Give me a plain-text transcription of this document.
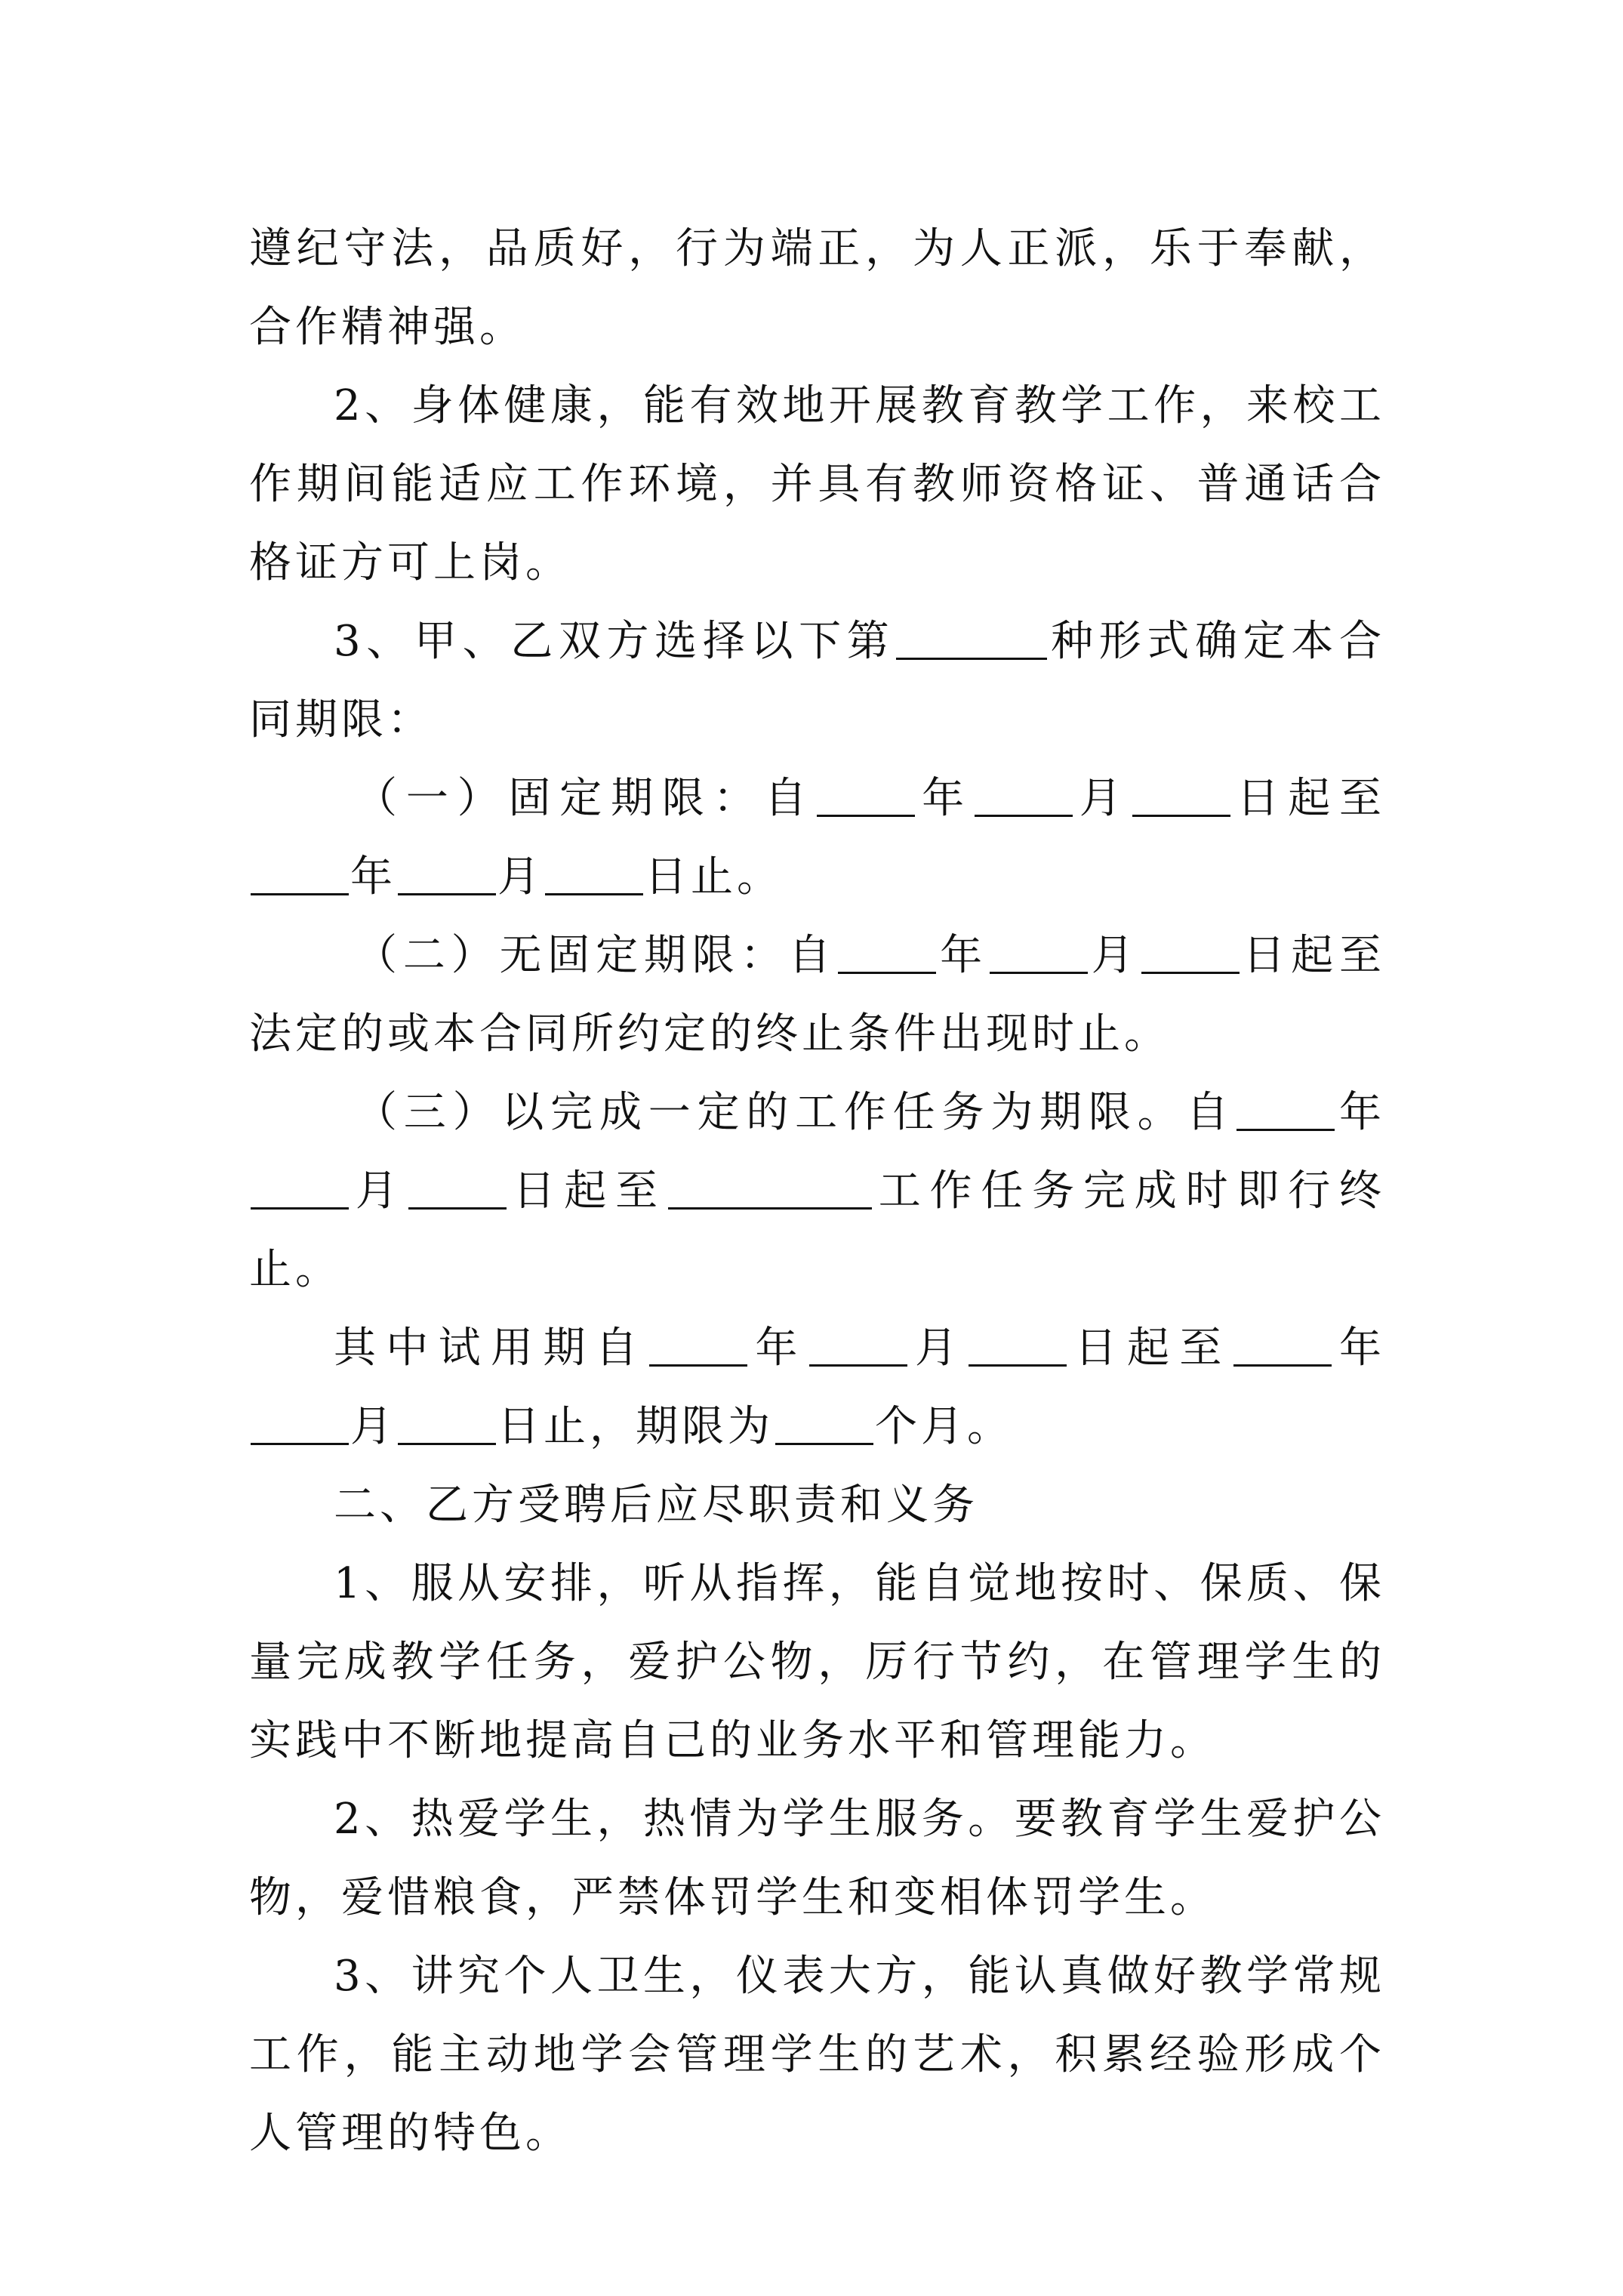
遵纪守法，品质好，行为端正，为人正派，乐于奉献，合作精神强。

2、身体健康，能有效地开展教育教学工作，来校工作期间能适应工作环境，并具有教师资格证、普通话合格证方可上岗。

3、甲、乙双方选择以下第	种形式确定本合同期限：

（一）固定期限：自 年 月 日起至年 月 日止。

（二）无固定期限：自 年 月 日起至法定的或本合同所约定的终止条件出现时止。

（三）以完成一定的工作任务为期限。自 年月 日起至	工作任务完成时即行终止。

其中试用期自 年 月 日起至 年月 日止，期限为 个月。

二、乙方受聘后应尽职责和义务

1、服从安排，听从指挥，能自觉地按时、保质、保量完成教学任务，爱护公物，厉行节约，在管理学生的实践中不断地提高自己的业务水平和管理能力。

2、热爱学生，热情为学生服务。要教育学生爱护公物，爱惜粮食，严禁体罚学生和变相体罚学生。

3、讲究个人卫生，仪表大方，能认真做好教学常规工作，能主动地学会管理学生的艺术，积累经验形成个人管理的特色。
